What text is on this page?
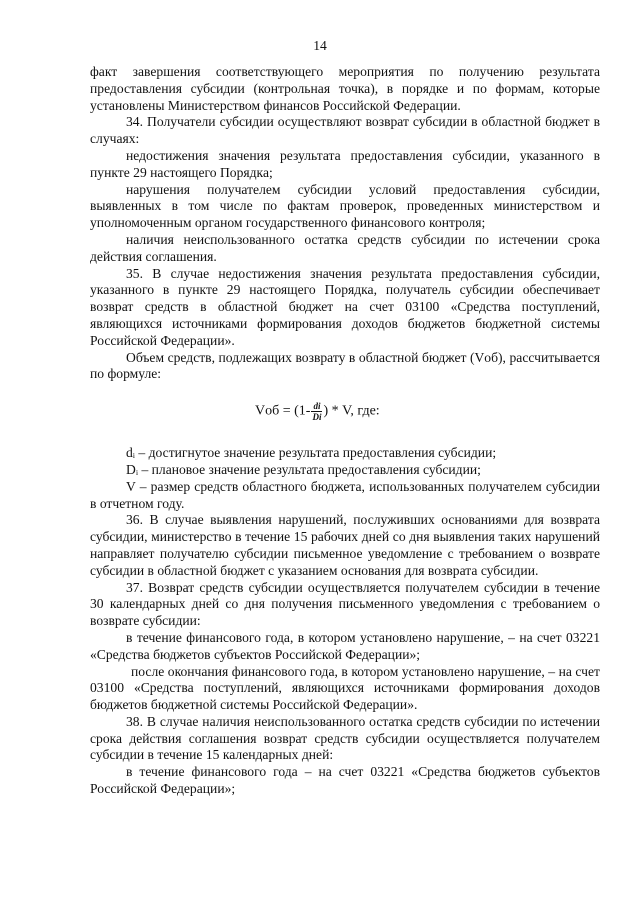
14

факт завершения соответствующего мероприятия по получению результата предоставления субсидии (контрольная точка), в порядке и по формам, которые установлены Министерством финансов Российской Федерации.

34. Получатели субсидии осуществляют возврат субсидии в областной бюджет в случаях:

недостижения значения результата предоставления субсидии, указанного в пункте 29 настоящего Порядка;

нарушения получателем субсидии условий предоставления субсидии, выявленных в том числе по фактам проверок, проведенных министерством и уполномоченным органом государственного финансового контроля;

наличия неиспользованного остатка средств субсидии по истечении срока действия соглашения.

35. В случае недостижения значения результата предоставления субсидии, указанного в пункте 29 настоящего Порядка, получатель субсидии обеспечивает возврат средств в областной бюджет на счет 03100 «Средства поступлений, являющихся источниками формирования доходов бюджетов бюджетной системы Российской Федерации».

Объем средств, подлежащих возврату в областной бюджет (Vоб), рассчитывается по формуле:

Vоб = ($1- \frac{di}{Di}$ ) * V, где:

dᵢ – достигнутое значение результата предоставления субсидии;

Dᵢ – плановое значение результата предоставления субсидии;

V – размер средств областного бюджета, использованных получателем субсидии в отчетном году.

36. В случае выявления нарушений, послуживших основаниями для возврата субсидии, министерство в течение 15 рабочих дней со дня выявления таких нарушений направляет получателю субсидии письменное уведомление с требованием о возврате субсидии в областной бюджет с указанием основания для возврата субсидии.

37. Возврат средств субсидии осуществляется получателем субсидии в течение 30 календарных дней со дня получения письменного уведомления с требованием о возврате субсидии:

в течение финансового года, в котором установлено нарушение, – на счет 03221 «Средства бюджетов субъектов Российской Федерации»;

после окончания финансового года, в котором установлено нарушение, – на счет 03100 «Средства поступлений, являющихся источниками формирования доходов бюджетов бюджетной системы Российской Федерации».

38. В случае наличия неиспользованного остатка средств субсидии по истечении срока действия соглашения возврат средств субсидии осуществляется получателем субсидии в течение 15 календарных дней:

в течение финансового года – на счет 03221 «Средства бюджетов субъектов Российской Федерации»;
